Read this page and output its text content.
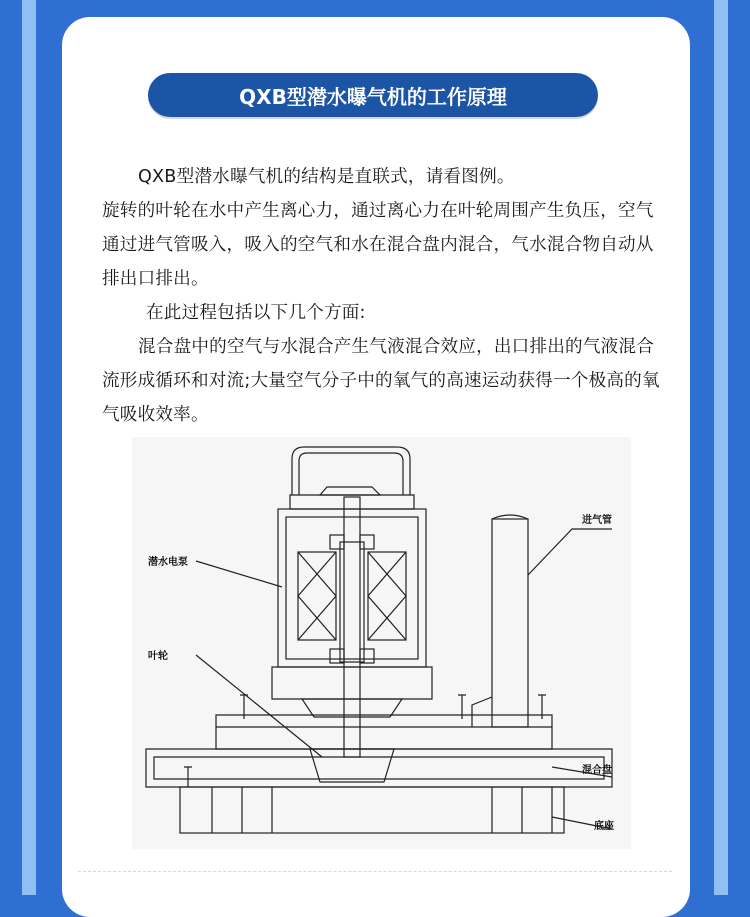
QXB型潜水曝气机的工作原理

QXB型潜水曝气机的结构是直联式，请看图例。

旋转的叶轮在水中产生离心力，通过离心力在叶轮周围产生负压，空气通过进气管吸入，吸入的空气和水在混合盘内混合，气水混合物自动从排出口排出。

在此过程包括以下几个方面:

混合盘中的空气与水混合产生气液混合效应，出口排出的气液混合流形成循环和对流;大量空气分子中的氧气的高速运动获得一个极高的氧气吸收效率。

潜水电泵
叶轮
进气管
混合盘
底座
